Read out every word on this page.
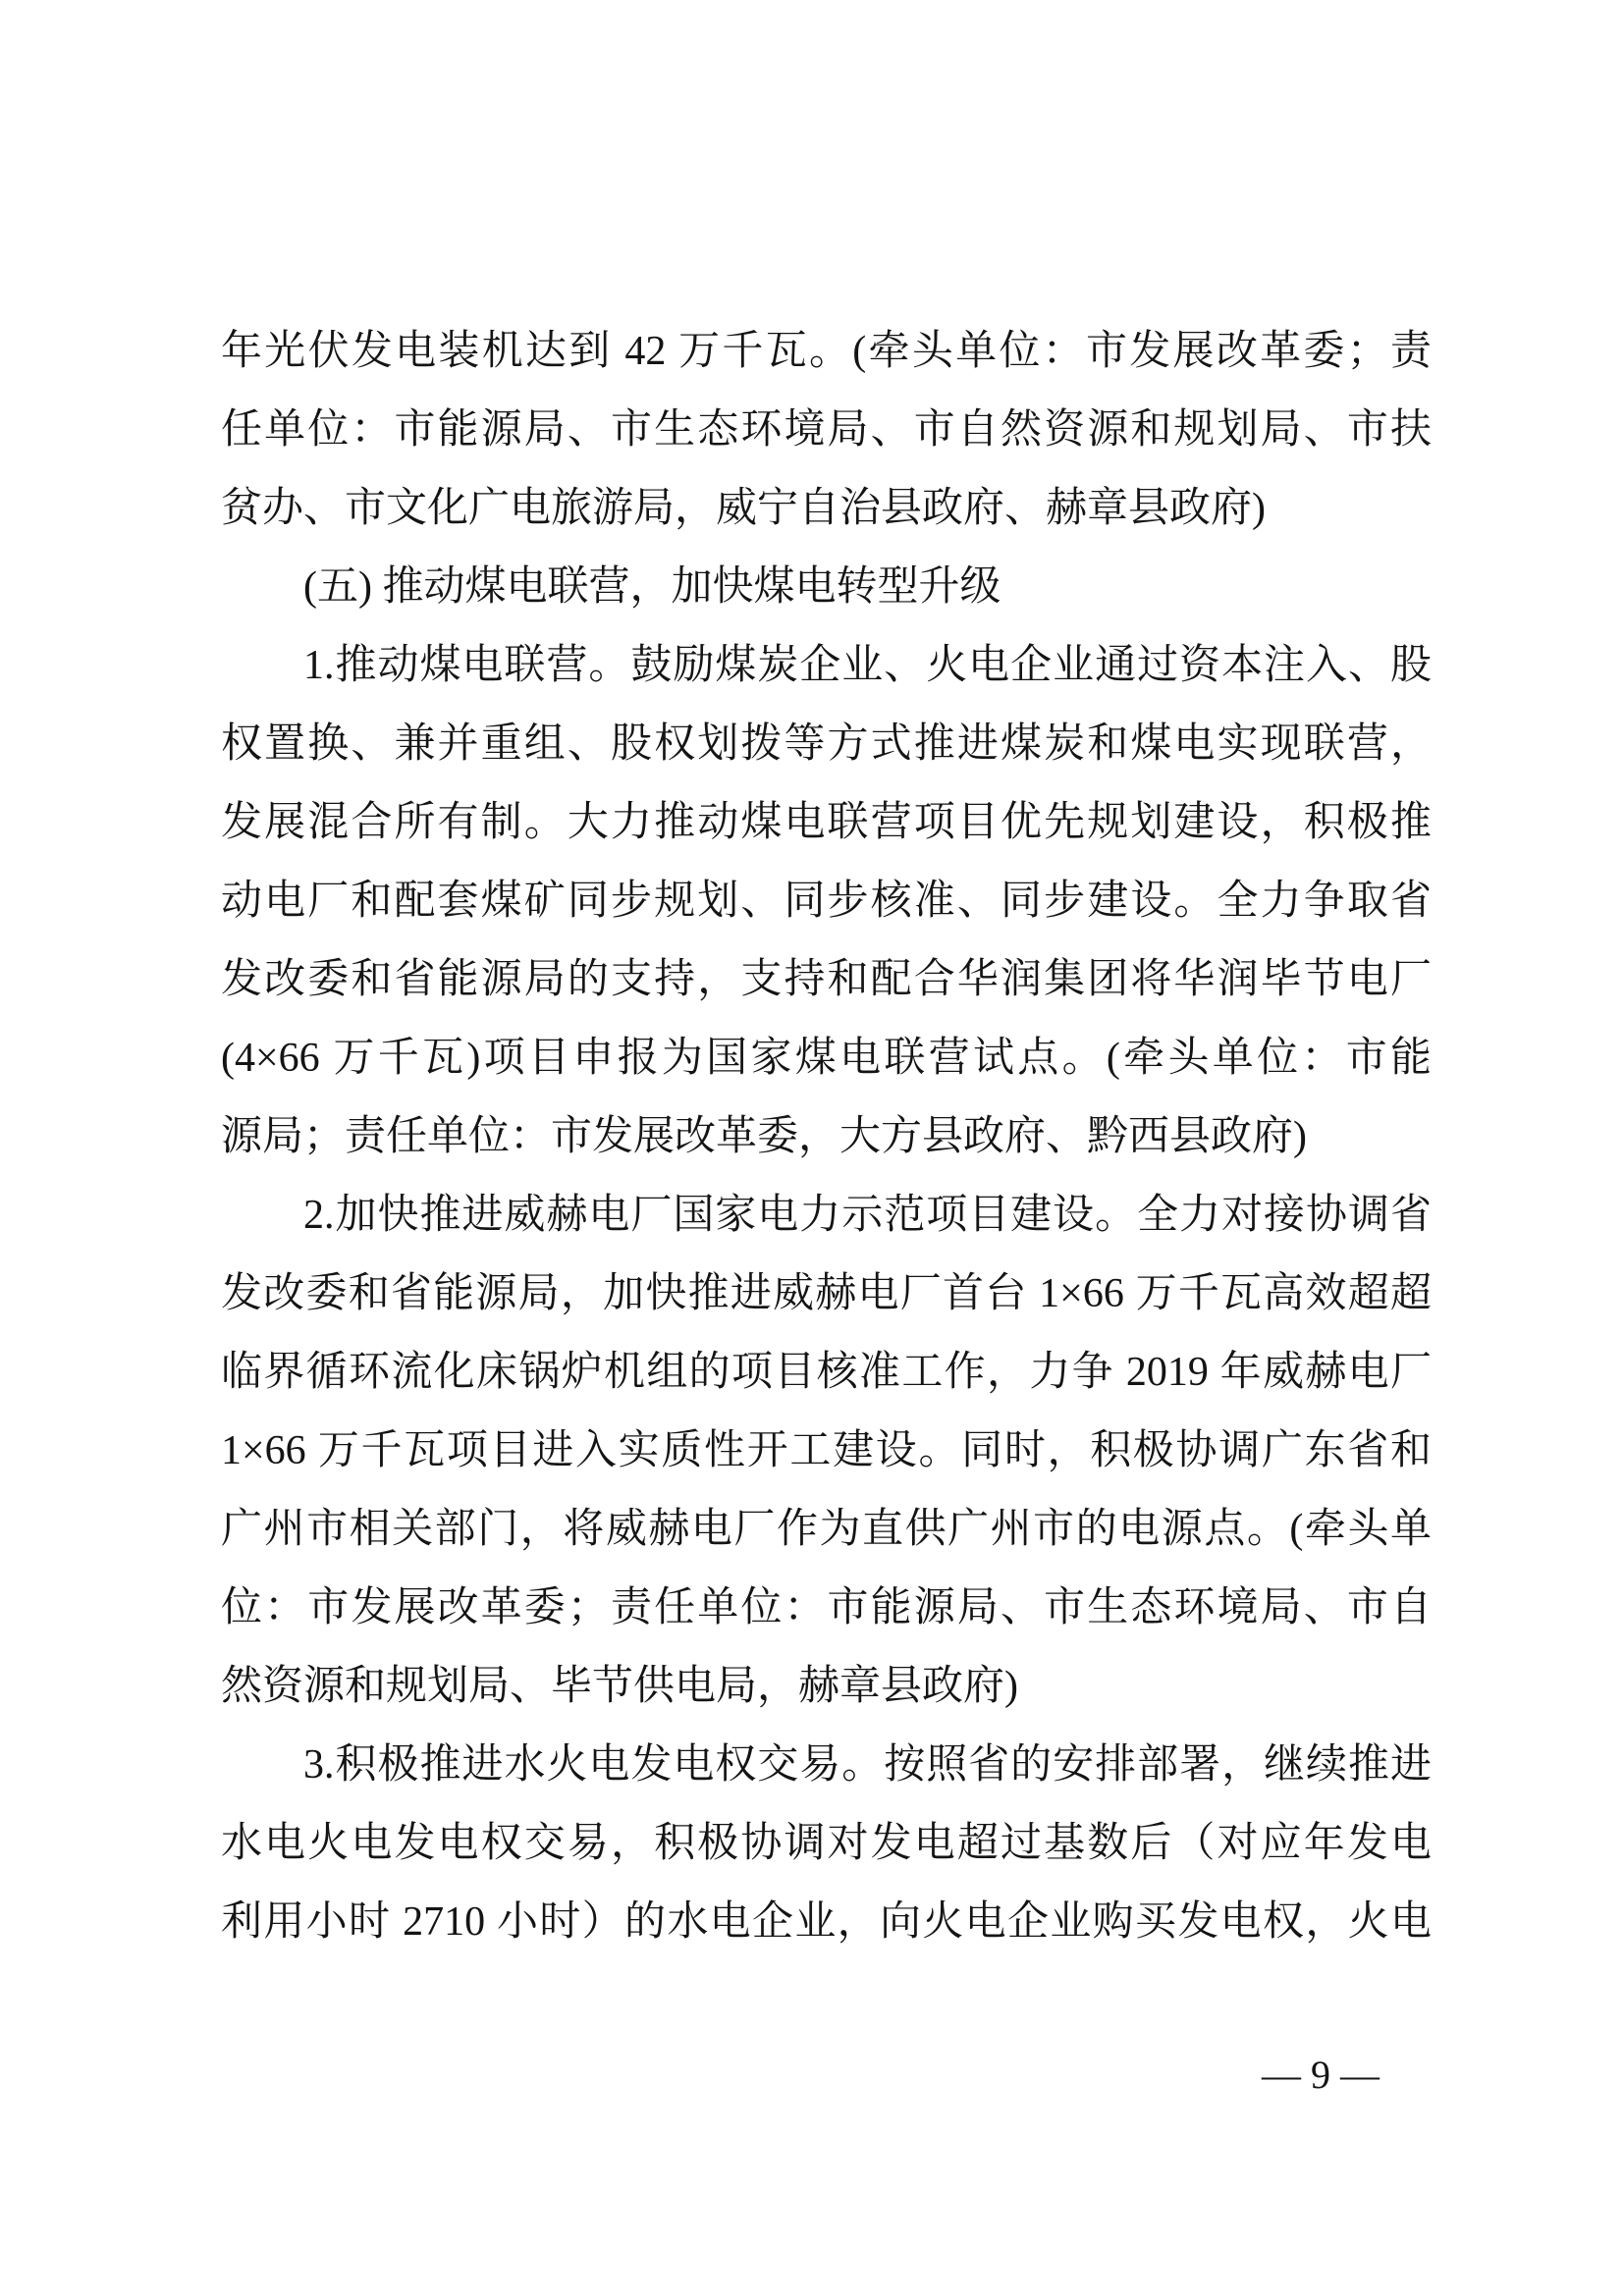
年光伏发电装机达到 42 万千瓦。(牵头单位：市发展改革委；责
任单位：市能源局、市生态环境局、市自然资源和规划局、市扶
贫办、市文化广电旅游局，威宁自治县政府、赫章县政府)
(五) 推动煤电联营，加快煤电转型升级
1.推动煤电联营。鼓励煤炭企业、火电企业通过资本注入、股
权置换、兼并重组、股权划拨等方式推进煤炭和煤电实现联营，
发展混合所有制。大力推动煤电联营项目优先规划建设，积极推
动电厂和配套煤矿同步规划、同步核准、同步建设。全力争取省
发改委和省能源局的支持，支持和配合华润集团将华润毕节电厂
(4×66 万千瓦)项目申报为国家煤电联营试点。(牵头单位：市能
源局；责任单位：市发展改革委，大方县政府、黔西县政府)
2.加快推进威赫电厂国家电力示范项目建设。全力对接协调省
发改委和省能源局，加快推进威赫电厂首台 1×66 万千瓦高效超超
临界循环流化床锅炉机组的项目核准工作，力争 2019 年威赫电厂
1×66 万千瓦项目进入实质性开工建设。同时，积极协调广东省和
广州市相关部门，将威赫电厂作为直供广州市的电源点。(牵头单
位：市发展改革委；责任单位：市能源局、市生态环境局、市自
然资源和规划局、毕节供电局，赫章县政府)
3.积极推进水火电发电权交易。按照省的安排部署，继续推进
水电火电发电权交易，积极协调对发电超过基数后（对应年发电
利用小时 2710 小时）的水电企业，向火电企业购买发电权，火电
— 9 —
